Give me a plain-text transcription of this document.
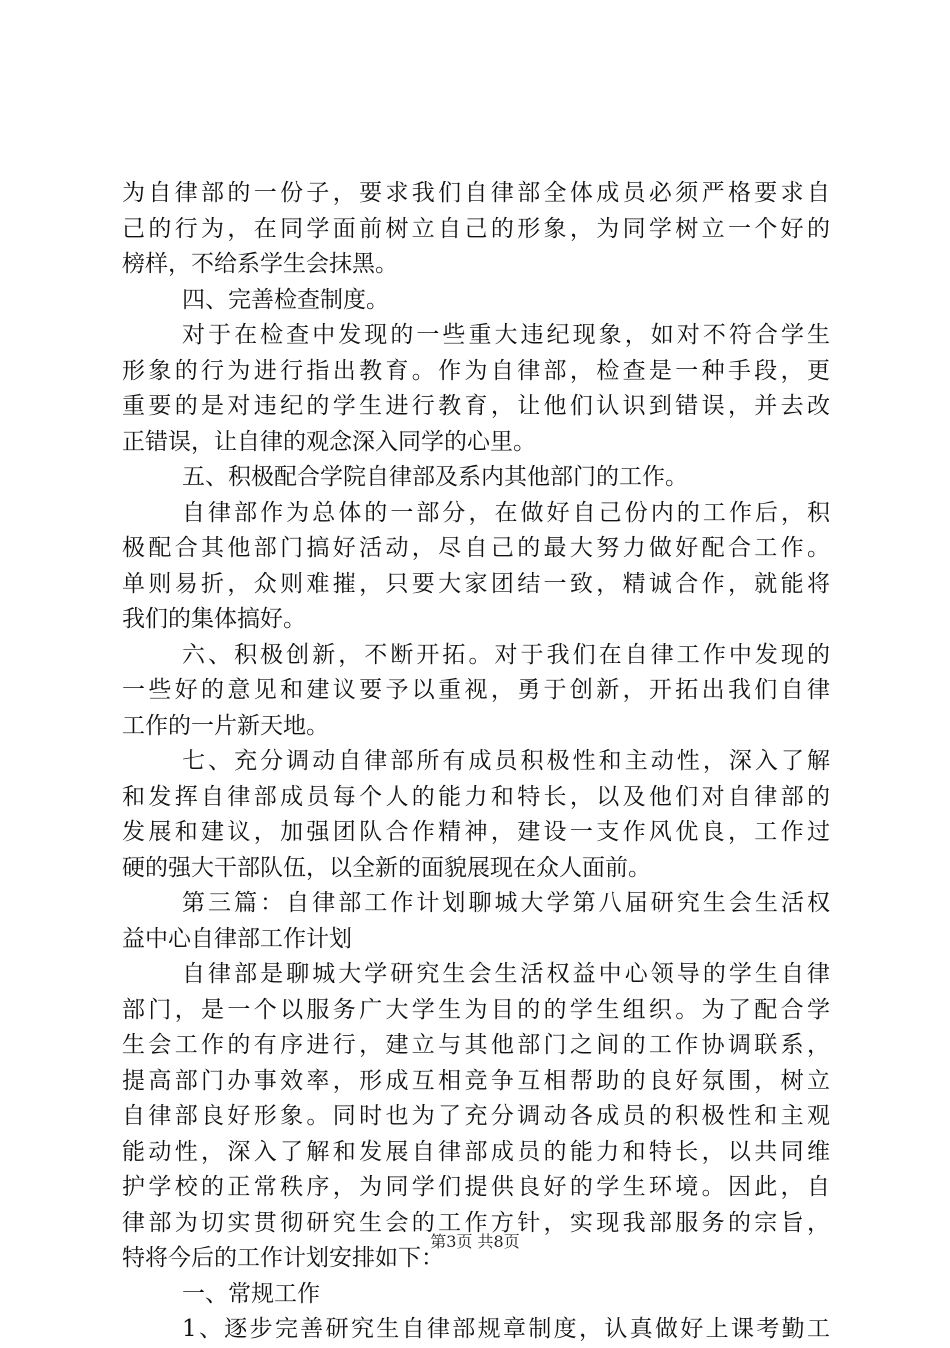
为自律部的一份子，要求我们自律部全体成员必须严格要求自
己的行为，在同学面前树立自己的形象，为同学树立一个好的
榜样，不给系学生会抹黑。
四、完善检查制度。
对于在检查中发现的一些重大违纪现象，如对不符合学生
形象的行为进行指出教育。作为自律部，检查是一种手段，更
重要的是对违纪的学生进行教育，让他们认识到错误，并去改
正错误，让自律的观念深入同学的心里。
五、积极配合学院自律部及系内其他部门的工作。
自律部作为总体的一部分，在做好自己份内的工作后，积
极配合其他部门搞好活动，尽自己的最大努力做好配合工作。
单则易折，众则难摧，只要大家团结一致，精诚合作，就能将
我们的集体搞好。
六、积极创新，不断开拓。对于我们在自律工作中发现的
一些好的意见和建议要予以重视，勇于创新，开拓出我们自律
工作的一片新天地。
七、充分调动自律部所有成员积极性和主动性，深入了解
和发挥自律部成员每个人的能力和特长，以及他们对自律部的
发展和建议，加强团队合作精神，建设一支作风优良，工作过
硬的强大干部队伍，以全新的面貌展现在众人面前。
第三篇：自律部工作计划聊城大学第八届研究生会生活权
益中心自律部工作计划
自律部是聊城大学研究生会生活权益中心领导的学生自律
部门，是一个以服务广大学生为目的的学生组织。为了配合学
生会工作的有序进行，建立与其他部门之间的工作协调联系，
提高部门办事效率，形成互相竞争互相帮助的良好氛围，树立
自律部良好形象。同时也为了充分调动各成员的积极性和主观
能动性，深入了解和发展自律部成员的能力和特长，以共同维
护学校的正常秩序，为同学们提供良好的学生环境。因此，自
律部为切实贯彻研究生会的工作方针，实现我部服务的宗旨，
特将今后的工作计划安排如下：
一、常规工作
1、逐步完善研究生自律部规章制度，认真做好上课考勤工
第3页 共8页
